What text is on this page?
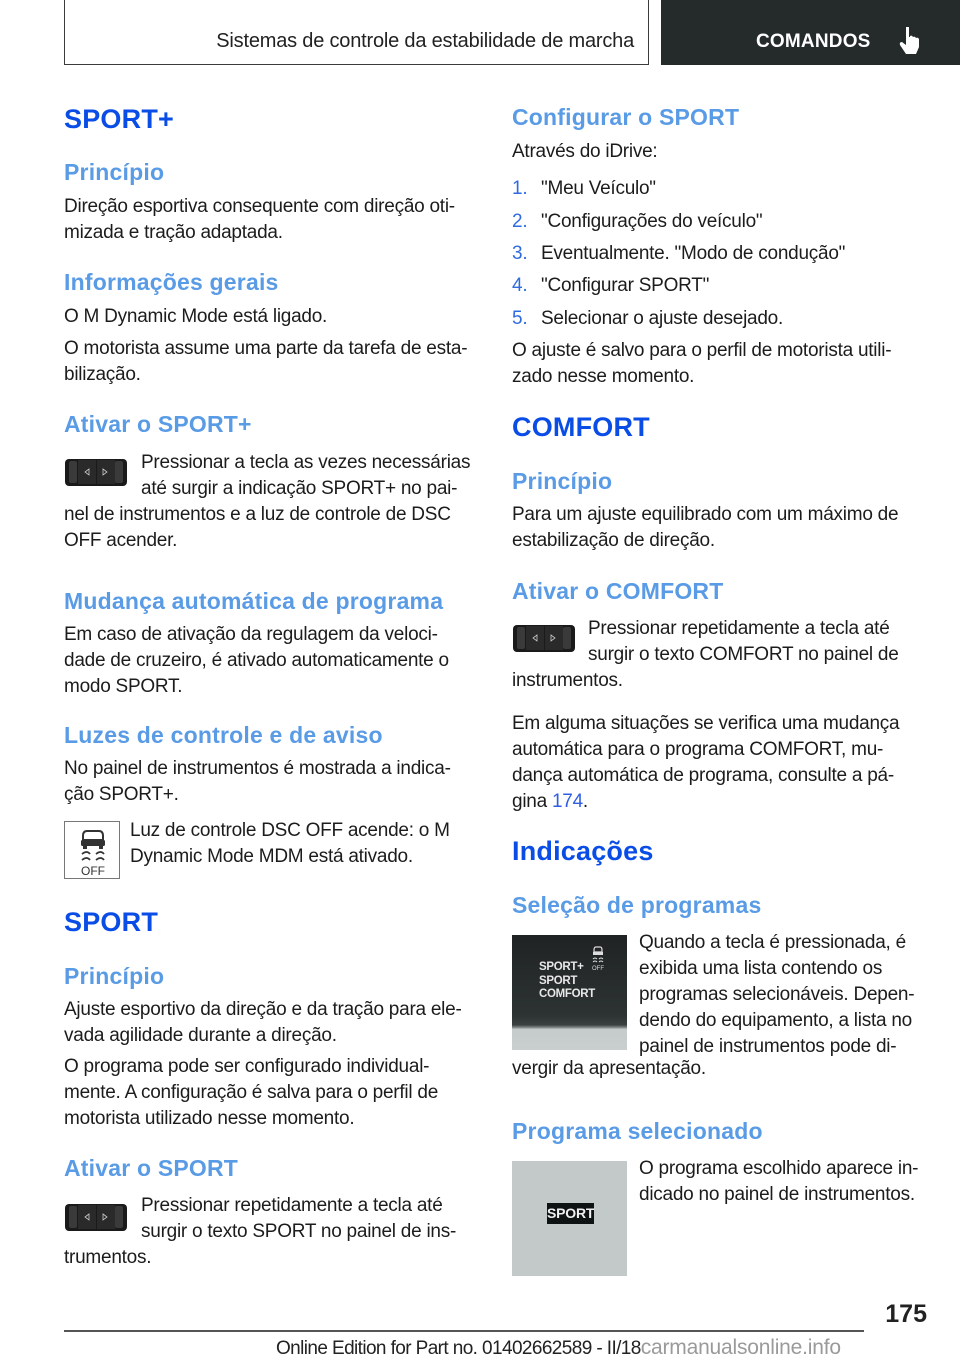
Sistemas de controle da estabilidade de marcha	COMANDOS
SPORT+
Princípio
Direção esportiva consequente com direção oti-
mizada e tração adaptada.
Informações gerais
O M Dynamic Mode está ligado.
O motorista assume uma parte da tarefa de esta-
bilização.
Ativar o SPORT+
Pressionar a tecla as vezes necessárias
até surgir a indicação SPORT+ no pai-
nel de instrumentos e a luz de controle de DSC
OFF acender.
Mudança automática de programa
Em caso de ativação da regulagem da veloci-
dade de cruzeiro, é ativado automaticamente o
modo SPORT.
Luzes de controle e de aviso
No painel de instrumentos é mostrada a indica-
ção SPORT+.
OFF
Luz de controle DSC OFF acende: o M
Dynamic Mode MDM está ativado.
SPORT
Princípio
Ajuste esportivo da direção e da tração para ele-
vada agilidade durante a direção.
O programa pode ser configurado individual-
mente. A configuração é salva para o perfil de
motorista utilizado nesse momento.
Ativar o SPORT
Pressionar repetidamente a tecla até
surgir o texto SPORT no painel de ins-
trumentos.
Configurar o SPORT
Através do iDrive:
1. "Meu Veículo"
2. "Configurações do veículo"
3. Eventualmente. "Modo de condução"
4. "Configurar SPORT"
5. Selecionar o ajuste desejado.
O ajuste é salvo para o perfil de motorista utili-
zado nesse momento.
COMFORT
Princípio
Para um ajuste equilibrado com um máximo de
estabilização de direção.
Ativar o COMFORT
Pressionar repetidamente a tecla até
surgir o texto COMFORT no painel de
instrumentos.
Em alguma situações se verifica uma mudança
automática para o programa COMFORT, mu-
dança automática de programa, consulte a pá-
gina 174.
Indicações
Seleção de programas
SPORT+
SPORT
COMFORT
OFF
Quando a tecla é pressionada, é
exibida uma lista contendo os
programas selecionáveis. Depen-
dendo do equipamento, a lista no
painel de instrumentos pode di-
vergir da apresentação.
Programa selecionado
SPORT
O programa escolhido aparece in-
dicado no painel de instrumentos.
175
Online Edition for Part no. 01402662589 - II/18carmanualsonline.info
